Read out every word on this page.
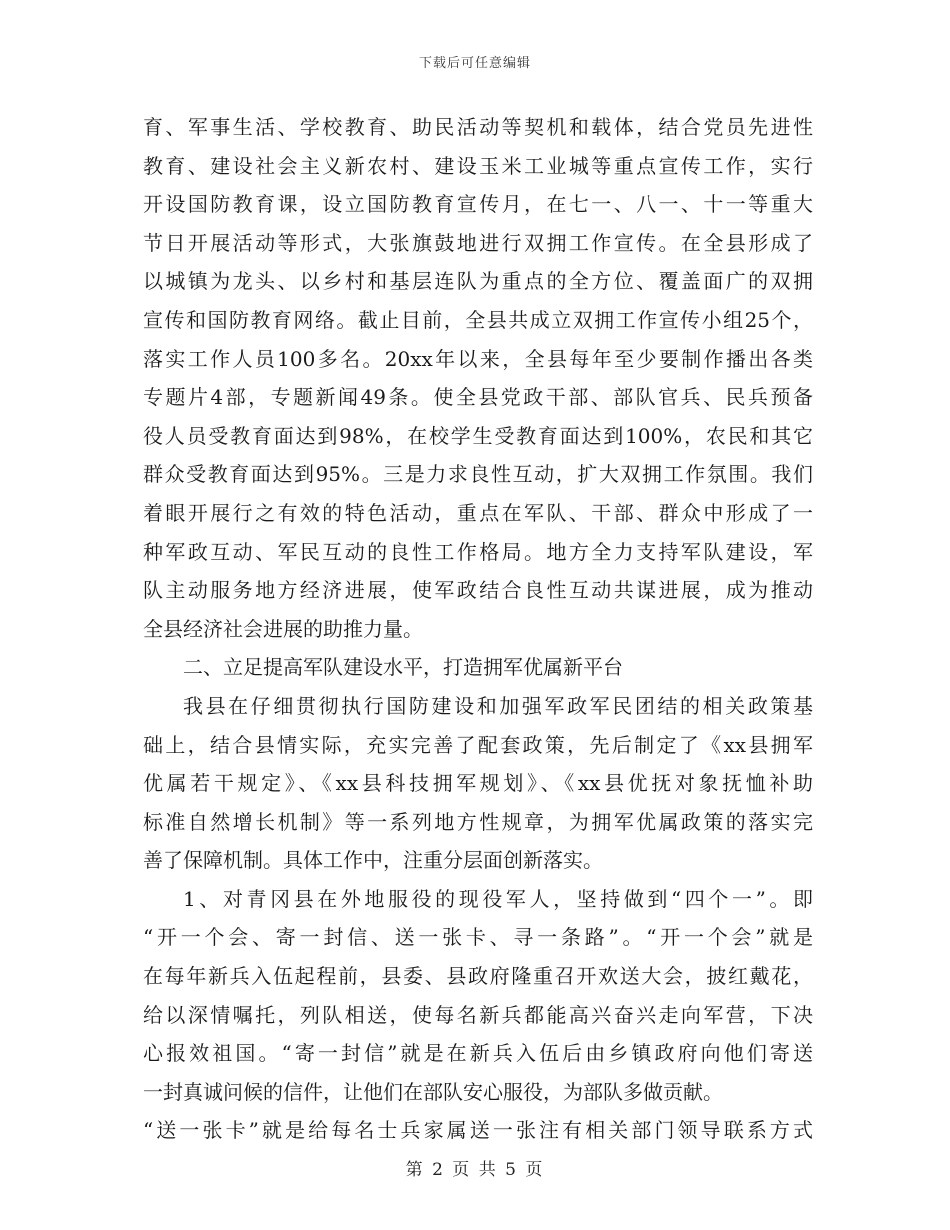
下载后可任意编辑
育、军事生活、学校教育、助民活动等契机和载体，结合党员先进性
教育、建设社会主义新农村、建设玉米工业城等重点宣传工作，实行
开设国防教育课，设立国防教育宣传月，在七一、八一、十一等重大
节日开展活动等形式，大张旗鼓地进行双拥工作宣传。在全县形成了
以城镇为龙头、以乡村和基层连队为重点的全方位、覆盖面广的双拥
宣传和国防教育网络。截止目前，全县共成立双拥工作宣传小组25个，
落实工作人员100多名。20xx年以来，全县每年至少要制作播出各类
专题片4部，专题新闻49条。使全县党政干部、部队官兵、民兵预备
役人员受教育面达到98%，在校学生受教育面达到100%，农民和其它
群众受教育面达到95%。三是力求良性互动，扩大双拥工作氛围。我们
着眼开展行之有效的特色活动，重点在军队、干部、群众中形成了一
种军政互动、军民互动的良性工作格局。地方全力支持军队建设，军
队主动服务地方经济进展，使军政结合良性互动共谋进展，成为推动
全县经济社会进展的助推力量。
二、立足提高军队建设水平，打造拥军优属新平台
我县在仔细贯彻执行国防建设和加强军政军民团结的相关政策基
础上，结合县情实际，充实完善了配套政策，先后制定了《xx县拥军
优属若干规定》、《xx县科技拥军规划》、《xx县优抚对象抚恤补助
标准自然增长机制》等一系列地方性规章，为拥军优属政策的落实完
善了保障机制。具体工作中，注重分层面创新落实。
1、对青冈县在外地服役的现役军人，坚持做到“四个一”。即
“开一个会、寄一封信、送一张卡、寻一条路”。“开一个会”就是
在每年新兵入伍起程前，县委、县政府隆重召开欢送大会，披红戴花，
给以深情嘱托，列队相送，使每名新兵都能高兴奋兴走向军营，下决
心报效祖国。“寄一封信”就是在新兵入伍后由乡镇政府向他们寄送
一封真诚问候的信件，让他们在部队安心服役，为部队多做贡献。
“送一张卡”就是给每名士兵家属送一张注有相关部门领导联系方式
第 2 页 共 5 页
